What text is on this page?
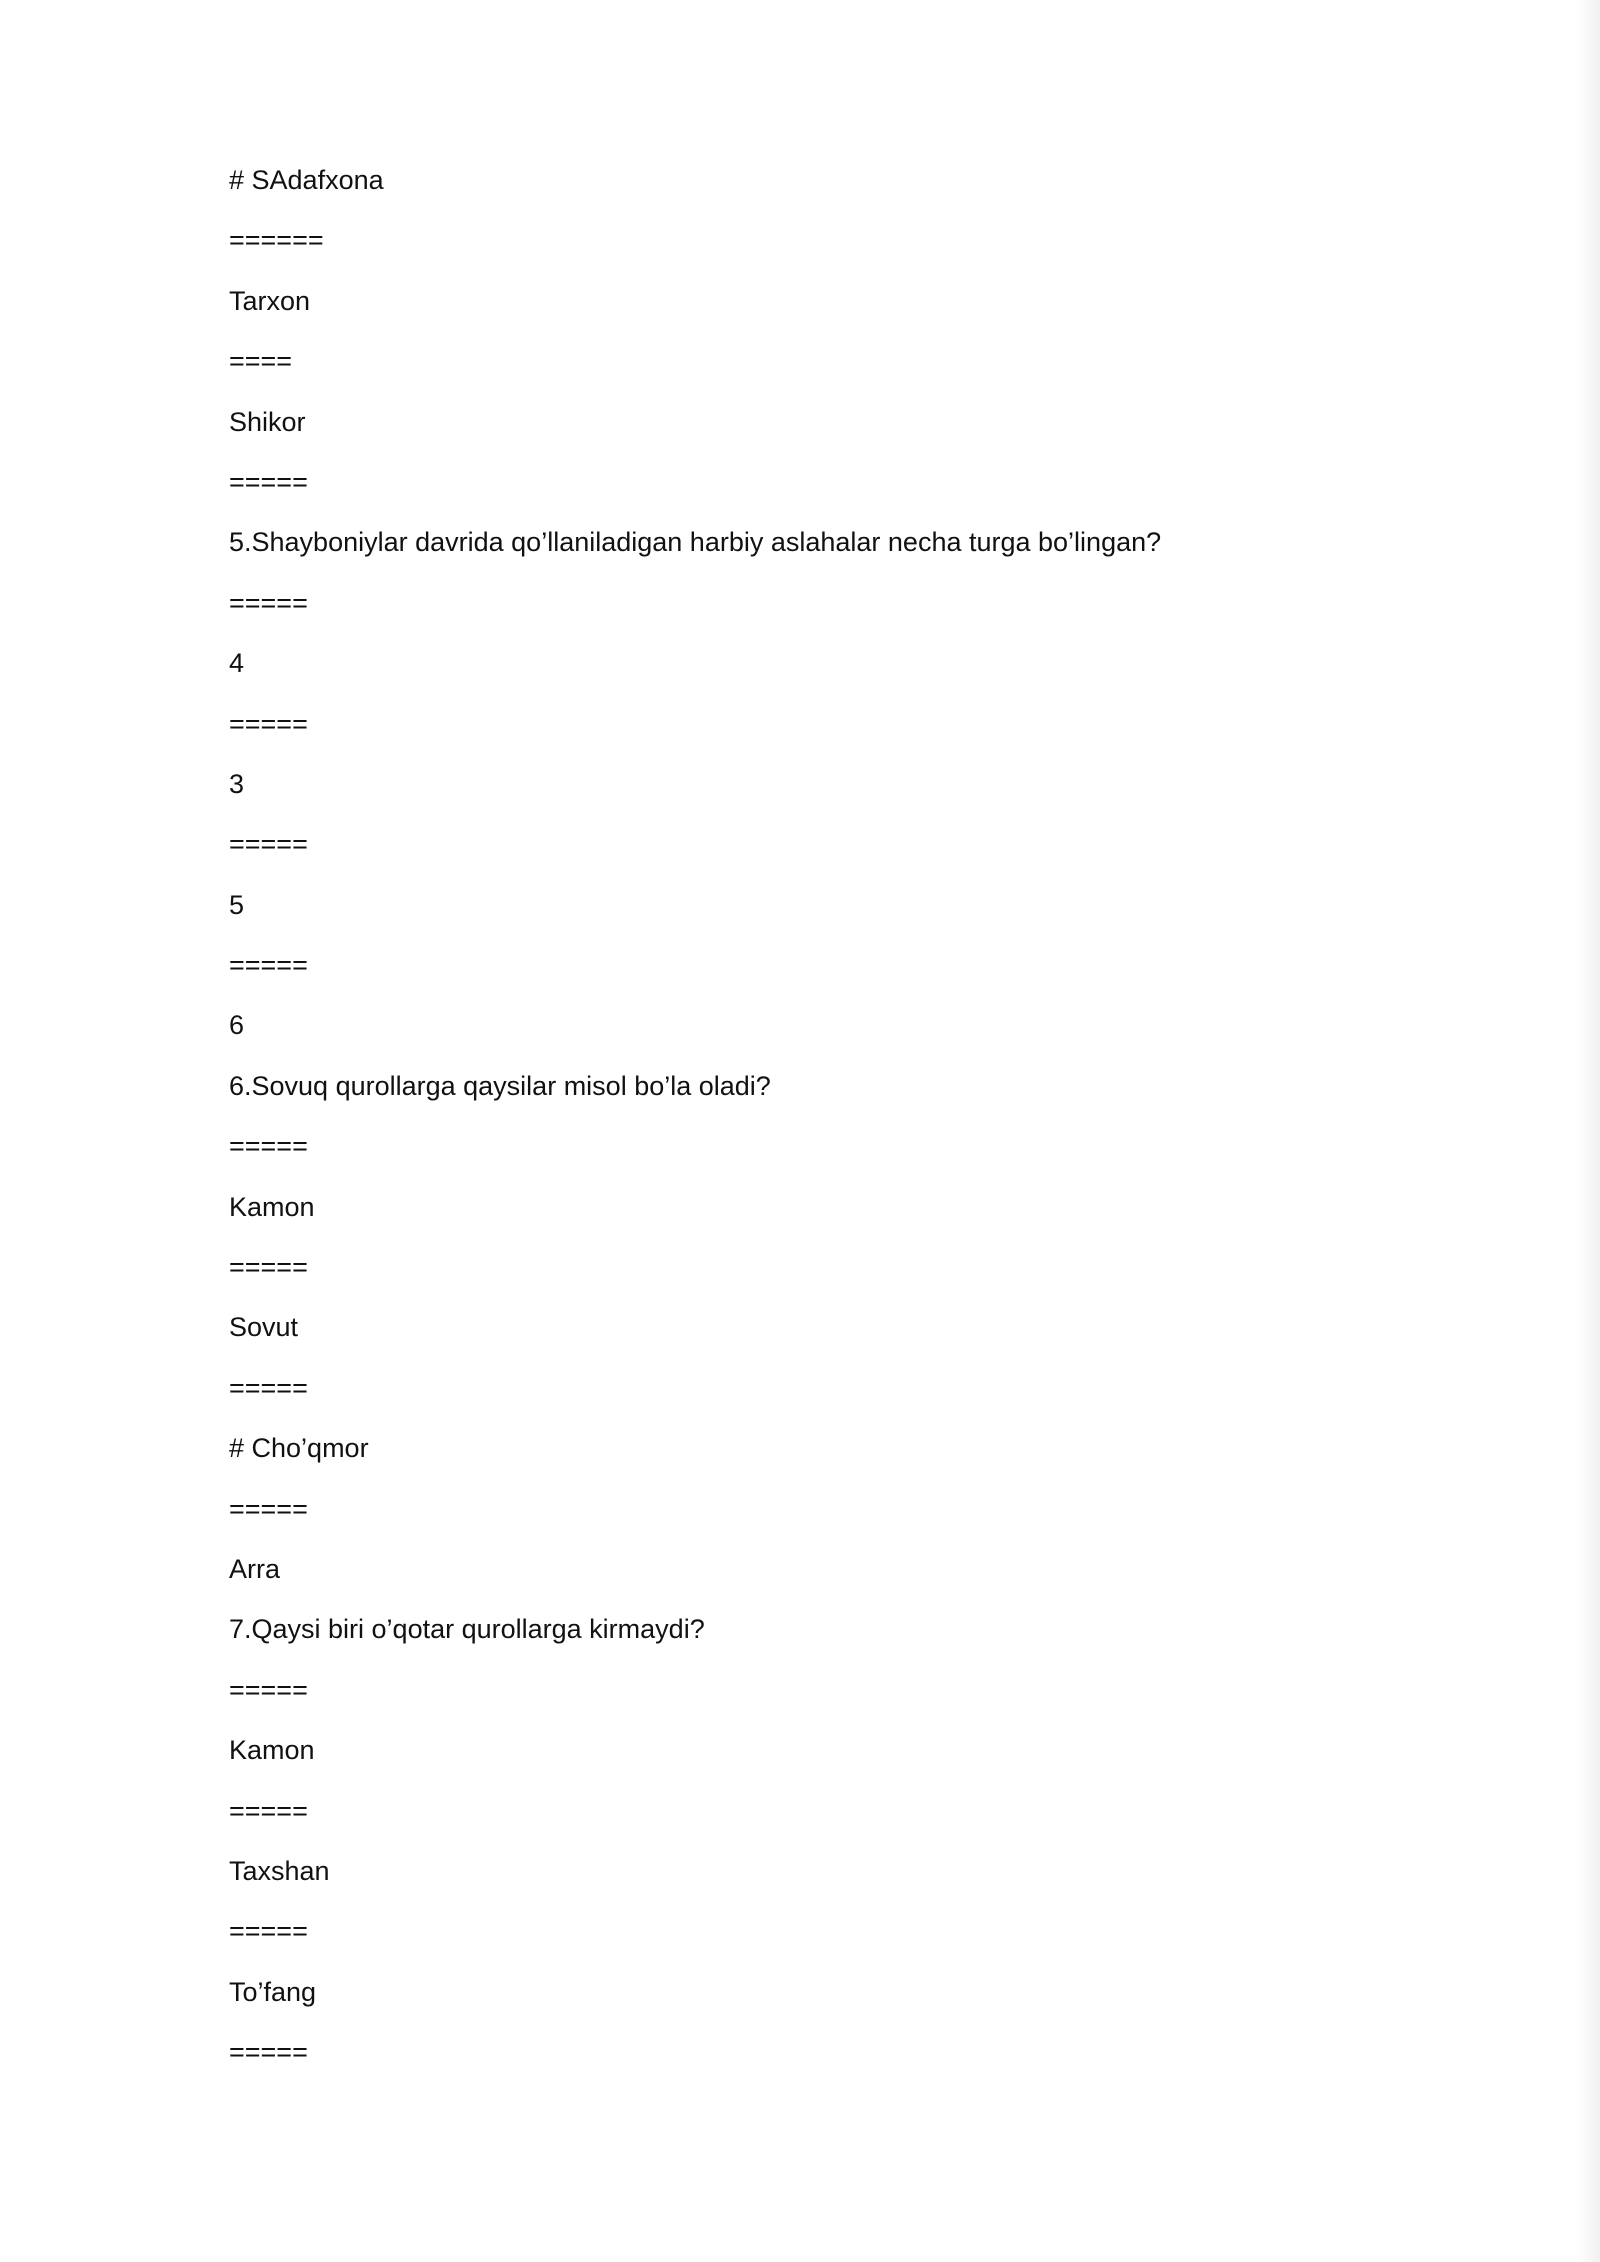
# SAdafxona
======
Tarxon
====
Shikor
=====
5.Shayboniylar davrida qo’llaniladigan harbiy aslahalar necha turga bo’lingan?
=====
4
=====
3
=====
5
=====
6
6.Sovuq qurollarga qaysilar misol bo’la oladi?
=====
Kamon
=====
Sovut
=====
# Cho’qmor
=====
Arra
7.Qaysi biri o’qotar qurollarga kirmaydi?
=====
Kamon
=====
Taxshan
=====
To’fang
=====
